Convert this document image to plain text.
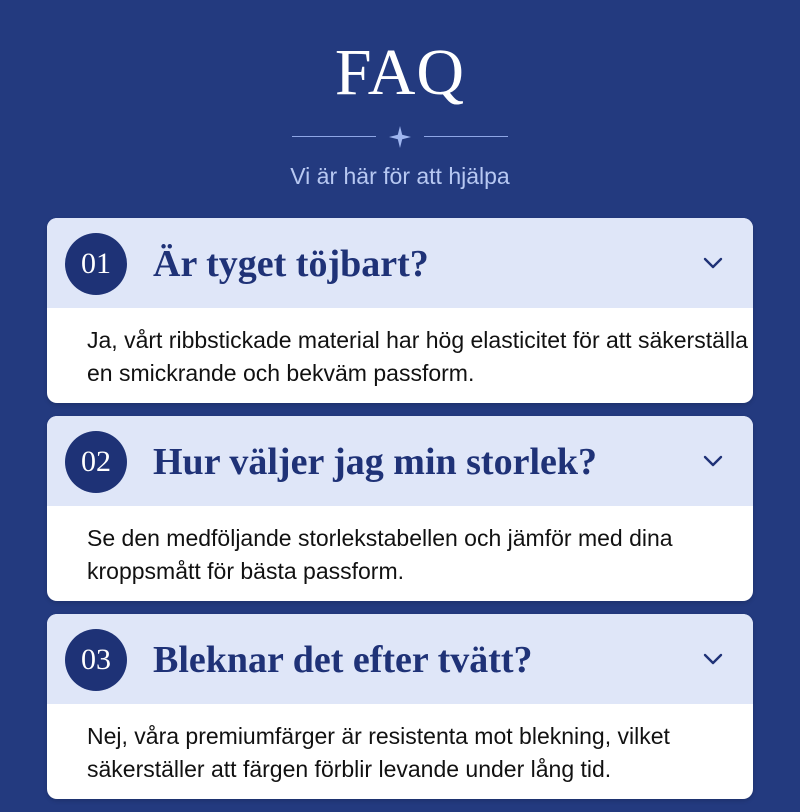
FAQ
Vi är här för att hjälpa
01	Är tyget töjbart?
Ja, vårt ribbstickade material har hög elasticitet för att säkerställa en smickrande och bekväm passform.
02	Hur väljer jag min storlek?
Se den medföljande storlekstabellen och jämför med dina kroppsmått för bästa passform.
03	Bleknar det efter tvätt?
Nej, våra premiumfärger är resistenta mot blekning, vilket säkerställer att färgen förblir levande under lång tid.
